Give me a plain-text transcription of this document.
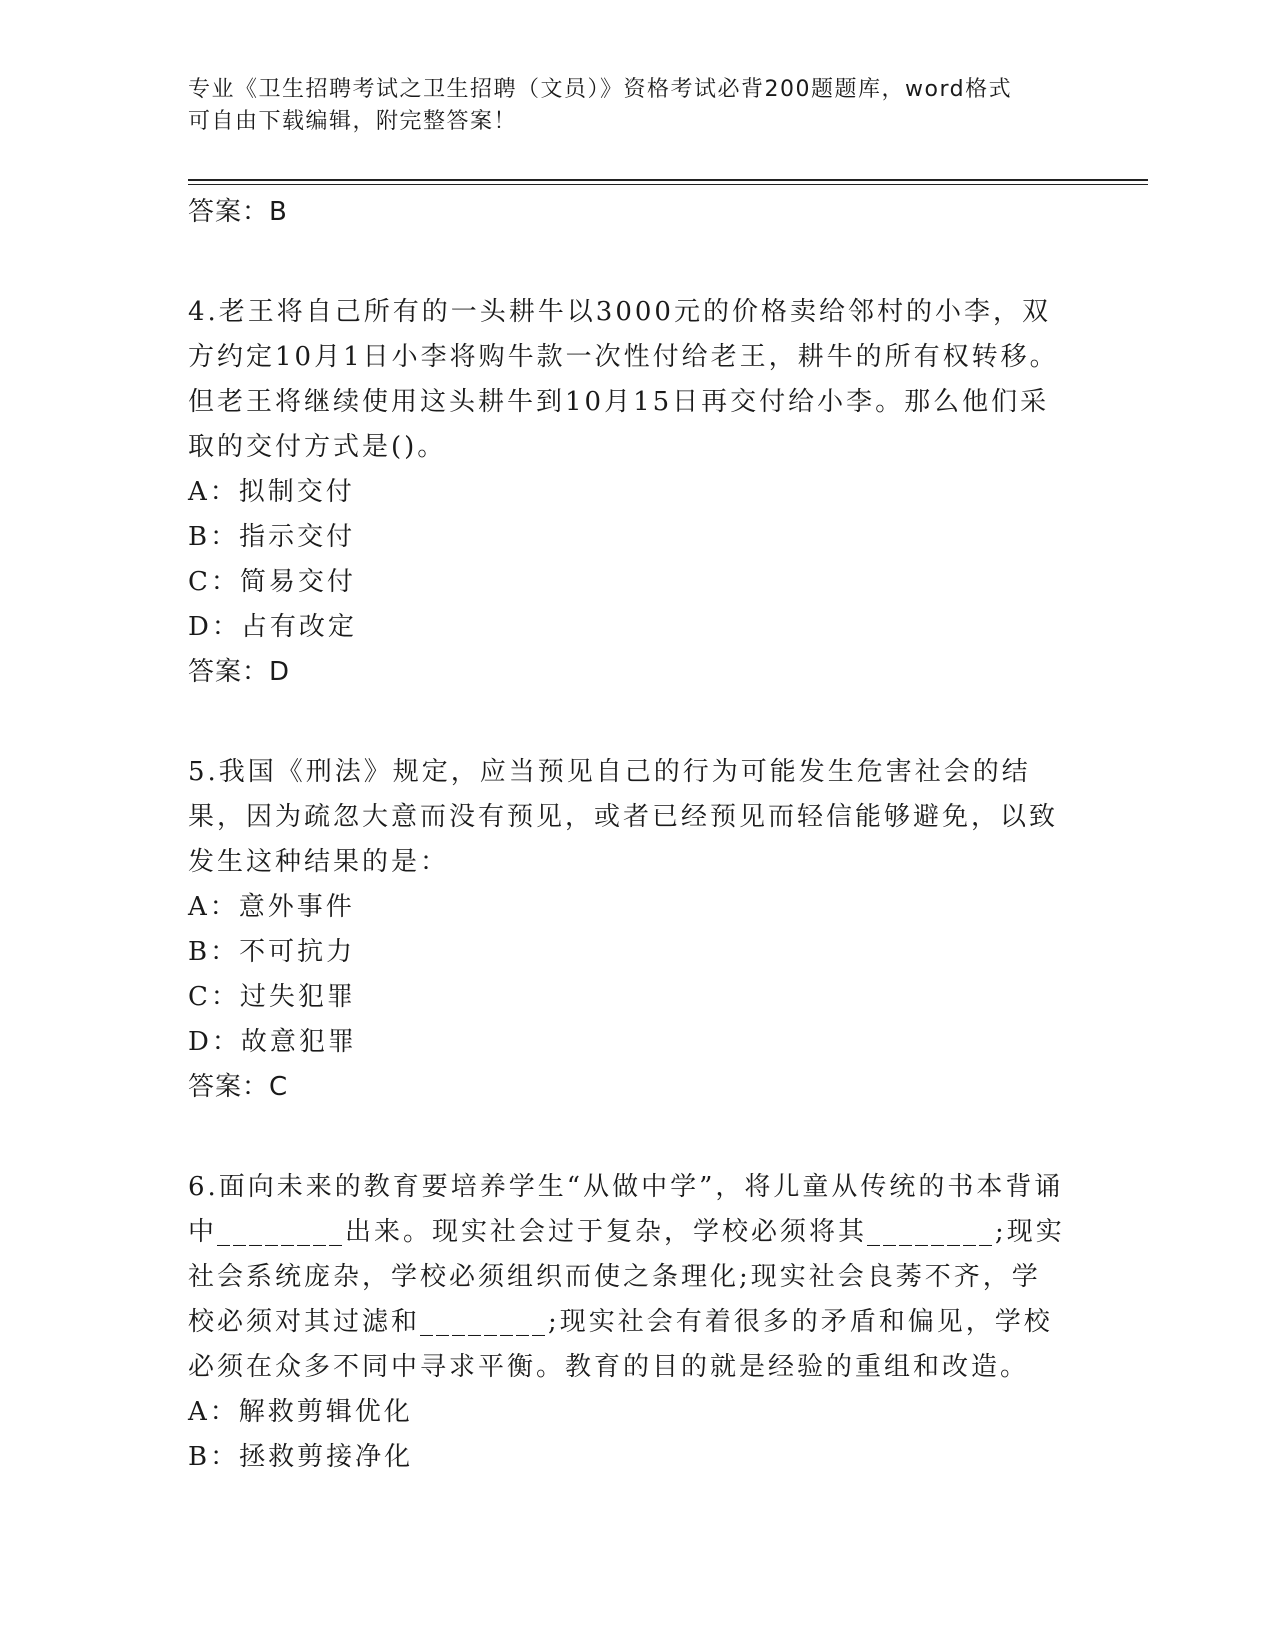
专业《卫生招聘考试之卫生招聘（文员）》资格考试必背200题题库，word格式
可自由下载编辑，附完整答案！
答案：B
4.老王将自己所有的一头耕牛以3000元的价格卖给邻村的小李，双方约定10月1日小李将购牛款一次性付给老王，耕牛的所有权转移。但老王将继续使用这头耕牛到10月15日再交付给小李。那么他们采取的交付方式是()。
A：拟制交付
B：指示交付
C：简易交付
D：占有改定
答案：D
5.我国《刑法》规定，应当预见自己的行为可能发生危害社会的结果，因为疏忽大意而没有预见，或者已经预见而轻信能够避免，以致发生这种结果的是：
A：意外事件
B：不可抗力
C：过失犯罪
D：故意犯罪
答案：C
6.面向未来的教育要培养学生“从做中学”，将儿童从传统的书本背诵中________出来。现实社会过于复杂，学校必须将其________;现实社会系统庞杂，学校必须组织而使之条理化;现实社会良莠不齐，学校必须对其过滤和________;现实社会有着很多的矛盾和偏见，学校必须在众多不同中寻求平衡。教育的目的就是经验的重组和改造。
A：解救剪辑优化
B：拯救剪接净化
